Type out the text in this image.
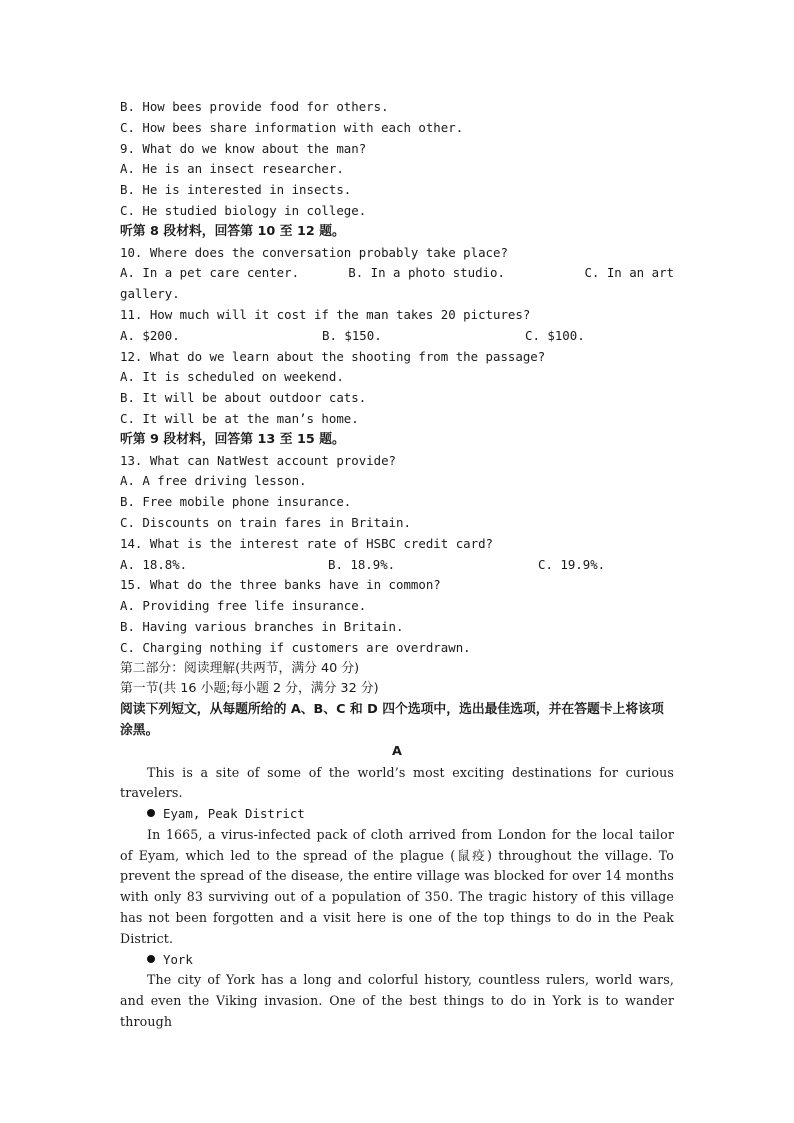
B. How bees provide food for others.
C. How bees share information with each other.
9. What do we know about the man?
A. He is an insect researcher.
B. He is interested in insects.
C. He studied biology in college.
听第 8 段材料，回答第 10 至 12 题。
10. Where does the conversation probably take place?
A. In a pet care center.	B. In a photo studio.	C. In an art
gallery.
11. How much will it cost if the man takes 20 pictures?
A. $200.	B. $150.	C. $100.
12. What do we learn about the shooting from the passage?
A. It is scheduled on weekend.
B. It will be about outdoor cats.
C. It will be at the man’s home.
听第 9 段材料，回答第 13 至 15 题。
13. What can NatWest account provide?
A. A free driving lesson.
B. Free mobile phone insurance.
C. Discounts on train fares in Britain.
14. What is the interest rate of HSBC credit card?
A. 18.8%.	B. 18.9%.	C. 19.9%.
15. What do the three banks have in common?
A. Providing free life insurance.
B. Having various branches in Britain.
C. Charging nothing if customers are overdrawn.
第二部分：阅读理解(共两节，满分 40 分)
第一节(共 16 小题;每小题 2 分，满分 32 分)
阅读下列短文，从每题所给的 A、B、C 和 D 四个选项中，选出最佳选项，并在答题卡上将该项涂黑。
A
This is a site of some of the world’s most exciting destinations for curious travelers.
Eyam, Peak District
In 1665, a virus-infected pack of cloth arrived from London for the local tailor of Eyam, which led to the spread of the plague (鼠疫) throughout the village. To prevent the spread of the disease, the entire village was blocked for over 14 months with only 83 surviving out of a population of 350. The tragic history of this village has not been forgotten and a visit here is one of the top things to do in the Peak District.
York
The city of York has a long and colorful history, countless rulers, world wars, and even the Viking invasion. One of the best things to do in York is to wander through
